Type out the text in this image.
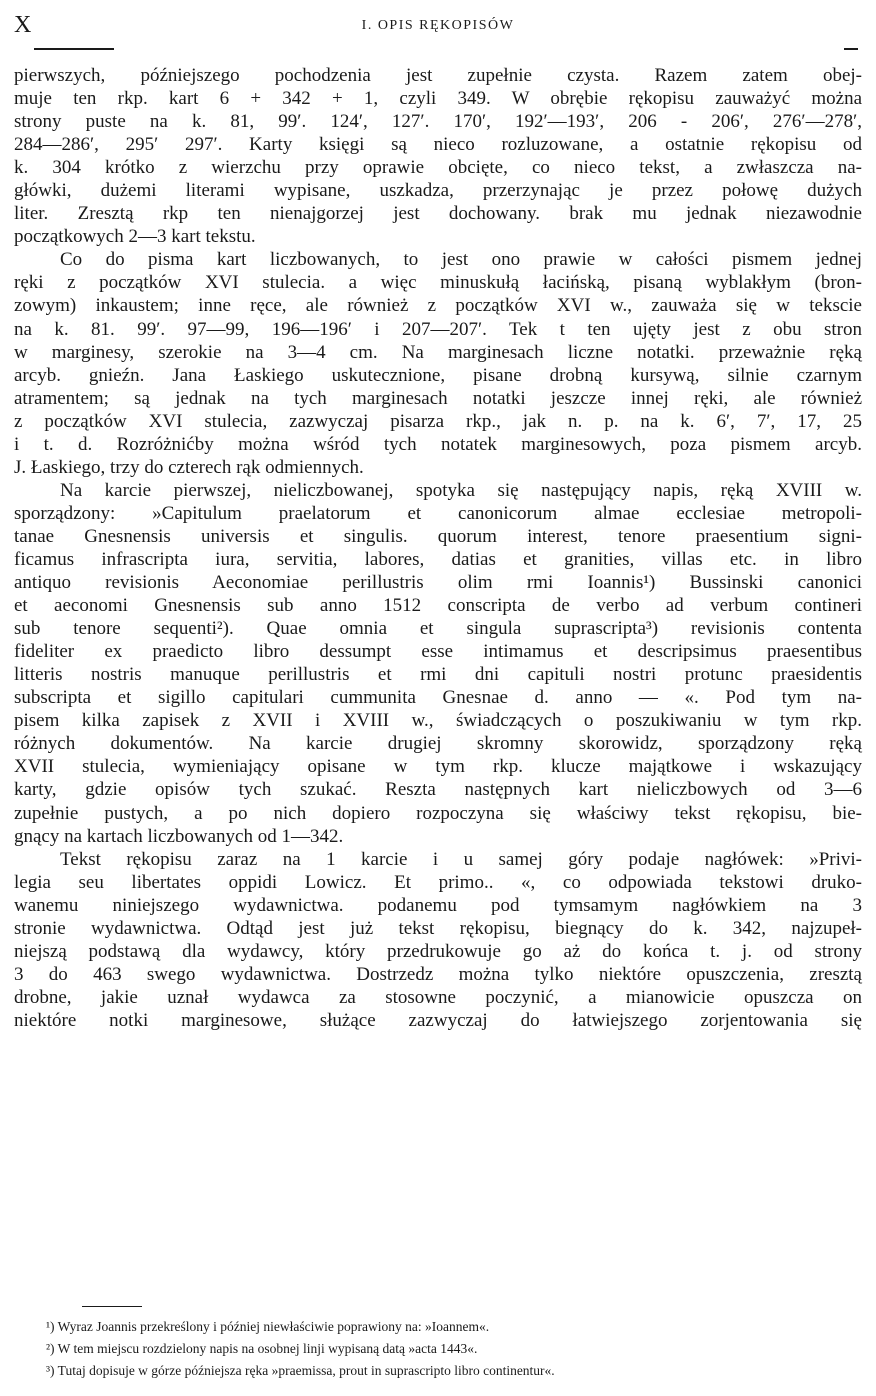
X	I. OPIS RĘKOPISÓW
pierwszych, późniejszego pochodzenia jest zupełnie czysta. Razem zatem obej-
muje ten rkp. kart 6 + 342 + 1, czyli 349. W obrębie rękopisu zauważyć można
strony puste na k. 81, 99′. 124′, 127′. 170′, 192′—193′, 206 - 206′, 276′—278′,
284—286′, 295′ 297′. Karty księgi są nieco rozluzowane, a ostatnie rękopisu od
k. 304 krótko z wierzchu przy oprawie obcięte, co nieco tekst, a zwłaszcza na-
główki, dużemi literami wypisane, uszkadza, przerzynając je przez połowę dużych
liter. Zresztą rkp ten nienajgorzej jest dochowany. brak mu jednak niezawodnie
początkowych 2—3 kart tekstu.
Co do pisma kart liczbowanych, to jest ono prawie w całości pismem jednej
ręki z początków XVI stulecia. a więc minuskułą łacińską, pisaną wyblakłym (bron-
zowym) inkaustem; inne ręce, ale również z początków XVI w., zauważa się w tekscie
na k. 81. 99′. 97—99, 196—196′ i 207—207′. Tek t ten ujęty jest z obu stron
w marginesy, szerokie na 3—4 cm. Na marginesach liczne notatki. przeważnie ręką
arcyb. gnieźn. Jana Łaskiego uskutecznione, pisane drobną kursywą, silnie czarnym
atramentem; są jednak na tych marginesach notatki jeszcze innej ręki, ale również
z początków XVI stulecia, zazwyczaj pisarza rkp., jak n. p. na k. 6′, 7′, 17, 25
i t. d. Rozróżnićby można wśród tych notatek marginesowych, poza pismem arcyb.
J. Łaskiego, trzy do czterech rąk odmiennych.
Na karcie pierwszej, nieliczbowanej, spotyka się następujący napis, ręką XVIII w.
sporządzony: »Capitulum praelatorum et canonicorum almae ecclesiae metropoli-
tanae Gnesnensis universis et singulis. quorum interest, tenore praesentium signi-
ficamus infrascripta iura, servitia, labores, datias et granities, villas etc. in libro
antiquo revisionis Aeconomiae perillustris olim rmi Ioannis¹) Bussinski canonici
et aeconomi Gnesnensis sub anno 1512 conscripta de verbo ad verbum contineri
sub tenore sequenti²). Quae omnia et singula suprascripta³) revisionis contenta
fideliter ex praedicto libro dessumpt esse intimamus et descripsimus praesentibus
litteris nostris manuque perillustris et rmi dni capituli nostri protunc praesidentis
subscripta et sigillo capitulari cummunita Gnesnae d. anno — «. Pod tym na-
pisem kilka zapisek z XVII i XVIII w., świadczących o poszukiwaniu w tym rkp.
różnych dokumentów. Na karcie drugiej skromny skorowidz, sporządzony ręką
XVII stulecia, wymieniający opisane w tym rkp. klucze majątkowe i wskazujący
karty, gdzie opisów tych szukać. Reszta następnych kart nieliczbowych od 3—6
zupełnie pustych, a po nich dopiero rozpoczyna się właściwy tekst rękopisu, bie-
gnący na kartach liczbowanych od 1—342.
Tekst rękopisu zaraz na 1 karcie i u samej góry podaje nagłówek: »Privi-
legia seu libertates oppidi Lowicz. Et primo.. «, co odpowiada tekstowi drukо-
wanemu niniejszego wydawnictwa. podanemu pod tymsamym nagłówkiem na 3
stronie wydawnictwa. Odtąd jest już tekst rękopisu, biegnący do k. 342, najzupeł-
niejszą podstawą dla wydawcy, który przedrukowuje go aż do końca t. j. od strony
3 do 463 swego wydawnictwa. Dostrzedz można tylko niektóre opuszczenia, zresztą
drobne, jakie uznał wydawca za stosowne poczynić, a mianowicie opuszcza on
niektóre notki marginesowe, służące zazwyczaj do łatwiejszego zorjentowania się
¹) Wyraz Joannis przekreślony i później niewłaściwie poprawiony na: »Ioannem«.
²) W tem miejscu rozdzielony napis na osobnej linji wypisaną datą »acta 1443«.
³) Tutaj dopisuje w górze późniejsza ręka »praemissa, prout in suprascripto libro continentur«.
